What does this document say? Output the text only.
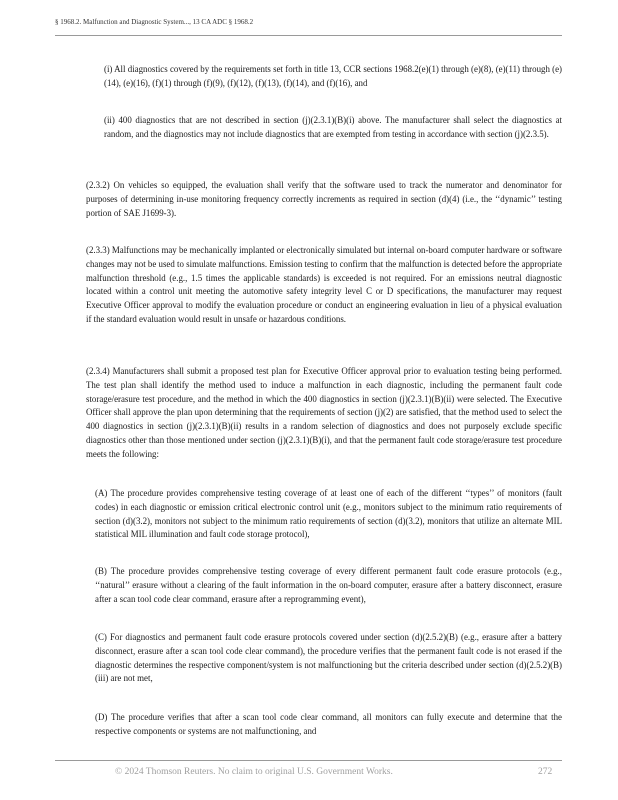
§ 1968.2. Malfunction and Diagnostic System..., 13 CA ADC § 1968.2

(i) All diagnostics covered by the requirements set forth in title 13, CCR sections 1968.2(e)(1) through (e)(8), (e)(11) through (e)(14), (e)(16), (f)(1) through (f)(9), (f)(12), (f)(13), (f)(14), and (f)(16), and

(ii) 400 diagnostics that are not described in section (j)(2.3.1)(B)(i) above. The manufacturer shall select the diagnostics at random, and the diagnostics may not include diagnostics that are exempted from testing in accordance with section (j)(2.3.5).

(2.3.2) On vehicles so equipped, the evaluation shall verify that the software used to track the numerator and denominator for purposes of determining in-use monitoring frequency correctly increments as required in section (d)(4) (i.e., the ‘‘dynamic’’ testing portion of SAE J1699-3).

(2.3.3) Malfunctions may be mechanically implanted or electronically simulated but internal on-board computer hardware or software changes may not be used to simulate malfunctions. Emission testing to confirm that the malfunction is detected before the appropriate malfunction threshold (e.g., 1.5 times the applicable standards) is exceeded is not required. For an emissions neutral diagnostic located within a control unit meeting the automotive safety integrity level C or D specifications, the manufacturer may request Executive Officer approval to modify the evaluation procedure or conduct an engineering evaluation in lieu of a physical evaluation if the standard evaluation would result in unsafe or hazardous conditions.

(2.3.4) Manufacturers shall submit a proposed test plan for Executive Officer approval prior to evaluation testing being performed. The test plan shall identify the method used to induce a malfunction in each diagnostic, including the permanent fault code storage/erasure test procedure, and the method in which the 400 diagnostics in section (j)(2.3.1)(B)(ii) were selected. The Executive Officer shall approve the plan upon determining that the requirements of section (j)(2) are satisfied, that the method used to select the 400 diagnostics in section (j)(2.3.1)(B)(ii) results in a random selection of diagnostics and does not purposely exclude specific diagnostics other than those mentioned under section (j)(2.3.1)(B)(i), and that the permanent fault code storage/erasure test procedure meets the following:

(A) The procedure provides comprehensive testing coverage of at least one of each of the different ‘‘types’’ of monitors (fault codes) in each diagnostic or emission critical electronic control unit (e.g., monitors subject to the minimum ratio requirements of section (d)(3.2), monitors not subject to the minimum ratio requirements of section (d)(3.2), monitors that utilize an alternate MIL statistical MIL illumination and fault code storage protocol),

(B) The procedure provides comprehensive testing coverage of every different permanent fault code erasure protocols (e.g., ‘‘natural’’ erasure without a clearing of the fault information in the on-board computer, erasure after a battery disconnect, erasure after a scan tool code clear command, erasure after a reprogramming event),

(C) For diagnostics and permanent fault code erasure protocols covered under section (d)(2.5.2)(B) (e.g., erasure after a battery disconnect, erasure after a scan tool code clear command), the procedure verifies that the permanent fault code is not erased if the diagnostic determines the respective component/system is not malfunctioning but the criteria described under section (d)(2.5.2)(B)(iii) are not met,

(D) The procedure verifies that after a scan tool code clear command, all monitors can fully execute and determine that the respective components or systems are not malfunctioning, and

© 2024 Thomson Reuters. No claim to original U.S. Government Works.	272
